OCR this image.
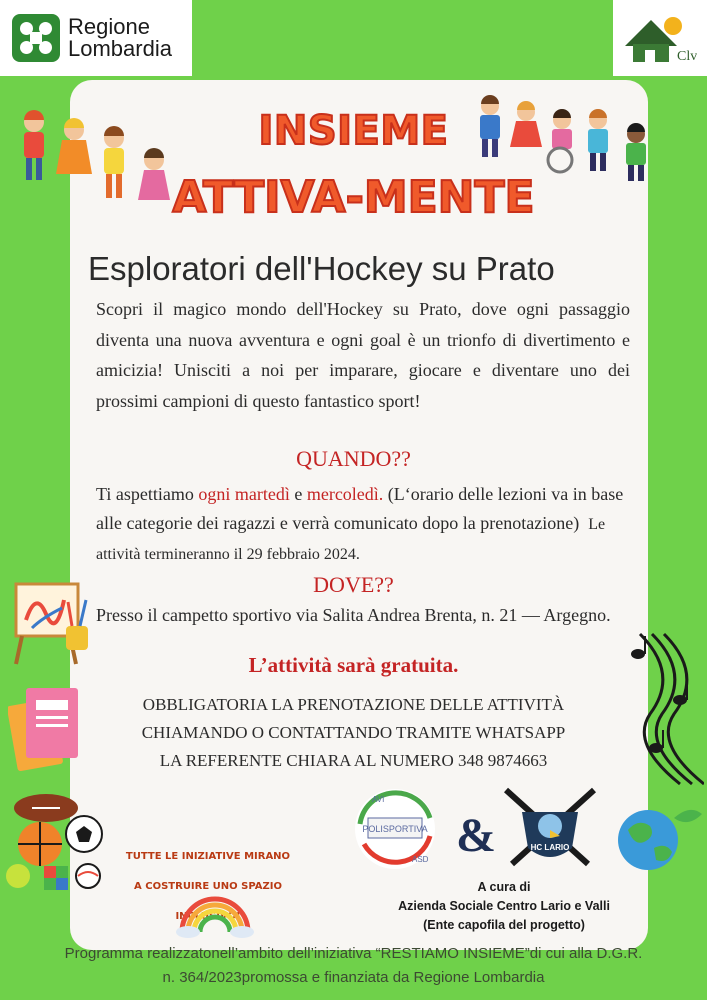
Regione
Lombardia	Clv
INSIEME
ATTIVA-MENTE
Esploratori dell'Hockey su Prato
Scopri il magico mondo dell'Hockey su Prato, dove ogni passaggio diventa una nuova avventura e ogni goal è un trionfo di divertimento e amicizia! Unisciti a noi per imparare, giocare e diventare uno dei prossimi campioni di questo fantastico sport!
QUANDO??
Ti aspettiamo ogni martedì e mercoledì. (L‘orario delle lezioni va in base alle categorie dei ragazzi e verrà comunicato dopo la prenotazione) Le attività termineranno il 29 febbraio 2024.
DOVE??
Presso il campetto sportivo via Salita Andrea Brenta, n. 21 — Argegno.
L’attività sarà gratuita.
OBBLIGATORIA LA PRENOTAZIONE DELLE ATTIVITÀ
CHIAMANDO O CONTATTANDO TRAMITE WHATSAPP
LA REFERENTE CHIARA AL NUMERO 348 9874663
TUTTE LE INIZIATIVE MIRANO
A COSTRUIRE UNO SPAZIO INCLUSIVO!
POLISPORTIVA
AVI
ASD &	HC LARIO
A cura di
Azienda Sociale Centro Lario e Valli
(Ente capofila del progetto)
Programma realizzatonell’ambito dell’iniziativa “RESTIAMO INSIEME”di cui alla D.G.R.
n. 364/2023promossa e finanziata da Regione Lombardia
